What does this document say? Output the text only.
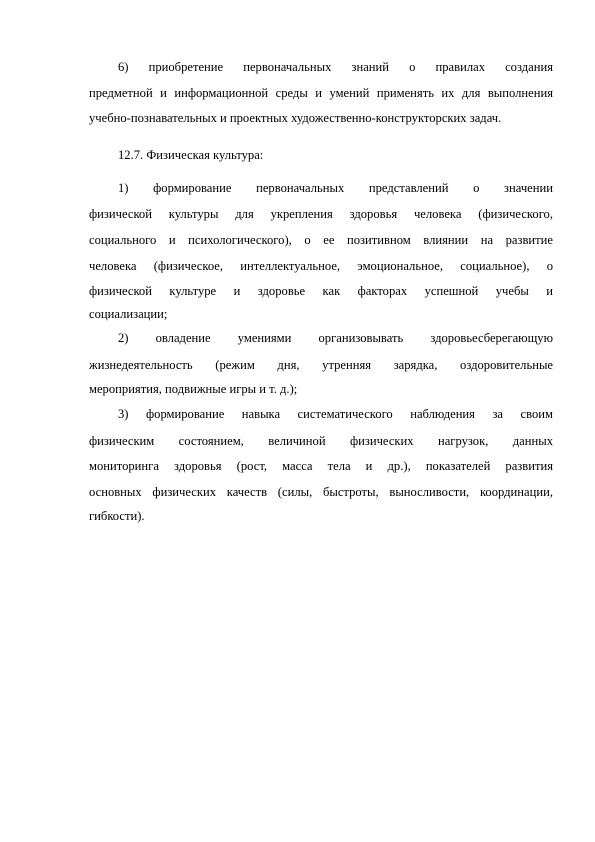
6) приобретение первоначальных знаний о правилах создания
предметной и информационной среды и умений применять их для выполнения
учебно-познавательных и проектных художественно-конструкторских задач.
12.7. Физическая культура:
1) формирование первоначальных представлений о значении
физической культуры для укрепления здоровья человека (физического,
социального и психологического), о ее позитивном влиянии на развитие
человека (физическое, интеллектуальное, эмоциональное, социальное), о
физической культуре и здоровье как факторах успешной учебы и
социализации;
2) овладение умениями организовывать здоровьесберегающую
жизнедеятельность (режим дня, утренняя зарядка, оздоровительные
мероприятия, подвижные игры и т. д.);
3) формирование навыка систематического наблюдения за своим
физическим состоянием, величиной физических нагрузок, данных
мониторинга здоровья (рост, масса тела и др.), показателей развития
основных физических качеств (силы, быстроты, выносливости, координации,
гибкости).
